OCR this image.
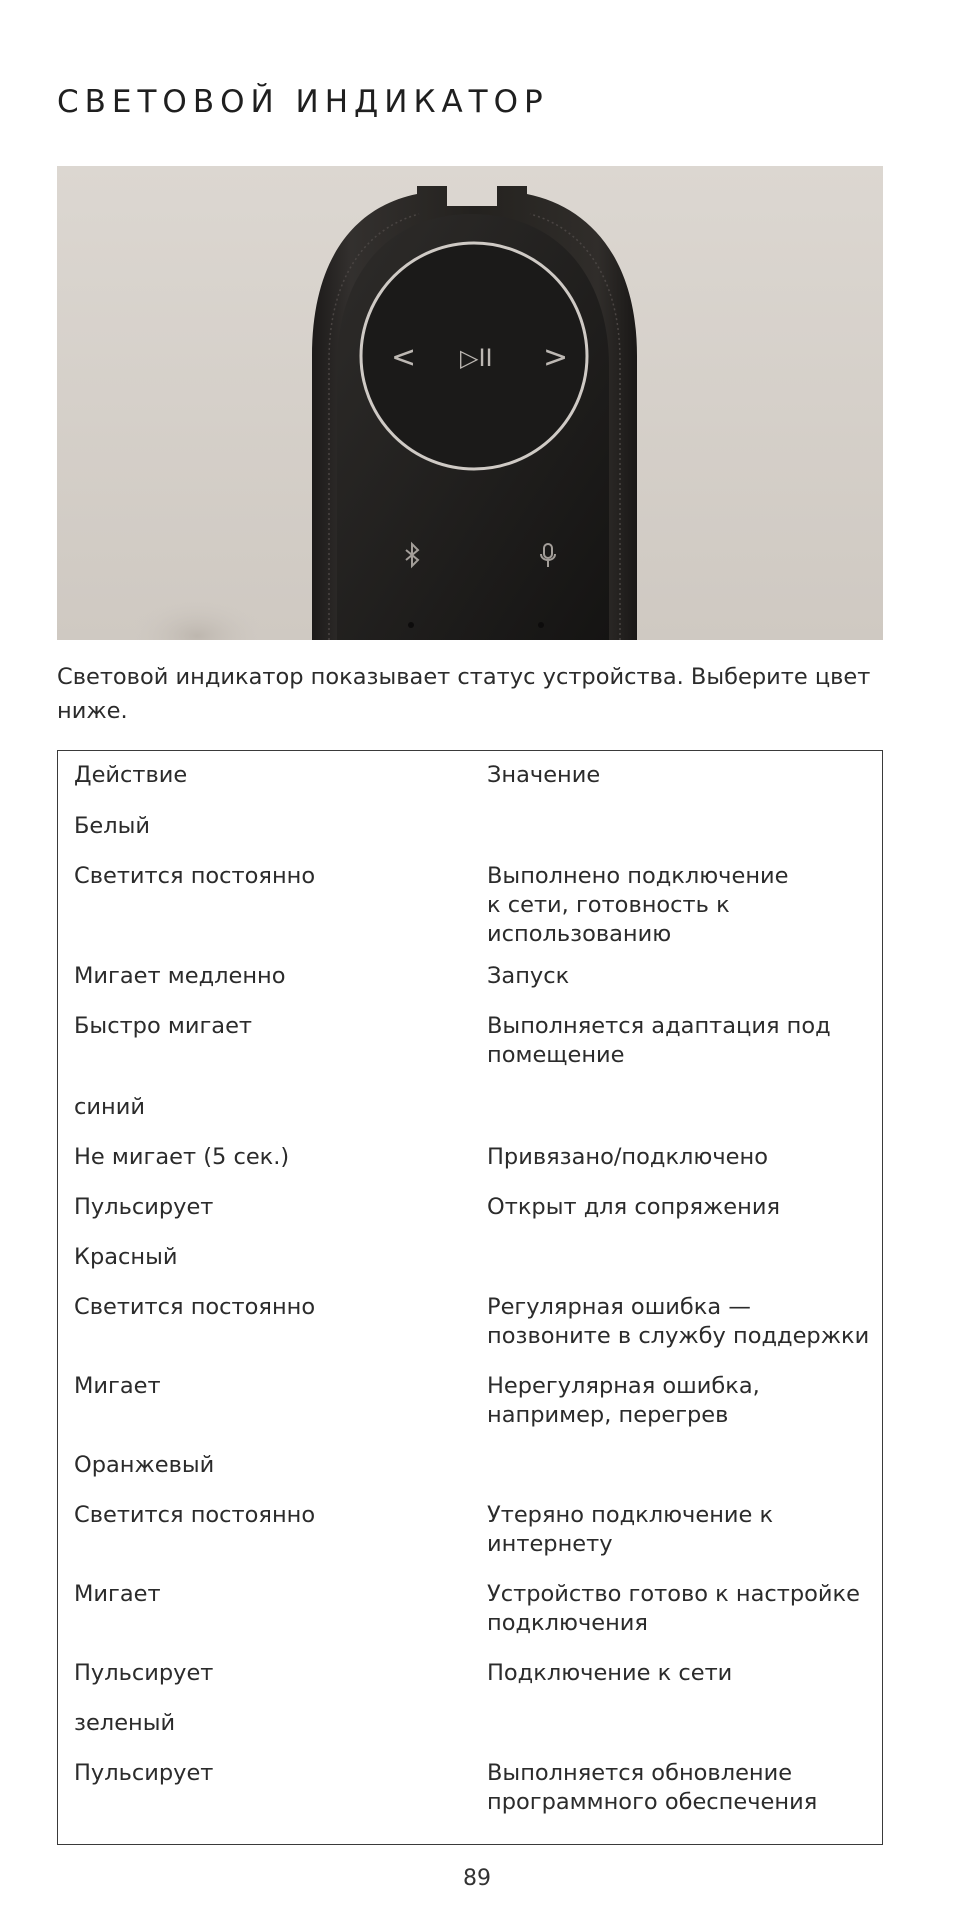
СВЕТОВОЙ ИНДИКАТОР
< ▷II >

Световой индикатор показывает статус устройства. Выберите цвет ниже.

Действие	Значение
Белый
Светится постоянно	Выполнено подключение
к сети, готовность к
использованию
Мигает медленно	Запуск
Быстро мигает	Выполняется адаптация под
помещение
синий
Не мигает (5 сек.)	Привязано/подключено
Пульсирует	Открыт для сопряжения
Красный
Светится постоянно	Регулярная ошибка —
позвоните в службу поддержки
Мигает	Нерегулярная ошибка,
например, перегрев
Оранжевый
Светится постоянно	Утеряно подключение к
интернету
Мигает	Устройство готово к настройке
подключения
Пульсирует	Подключение к сети
зеленый
Пульсирует	Выполняется обновление
программного обеспечения
89
